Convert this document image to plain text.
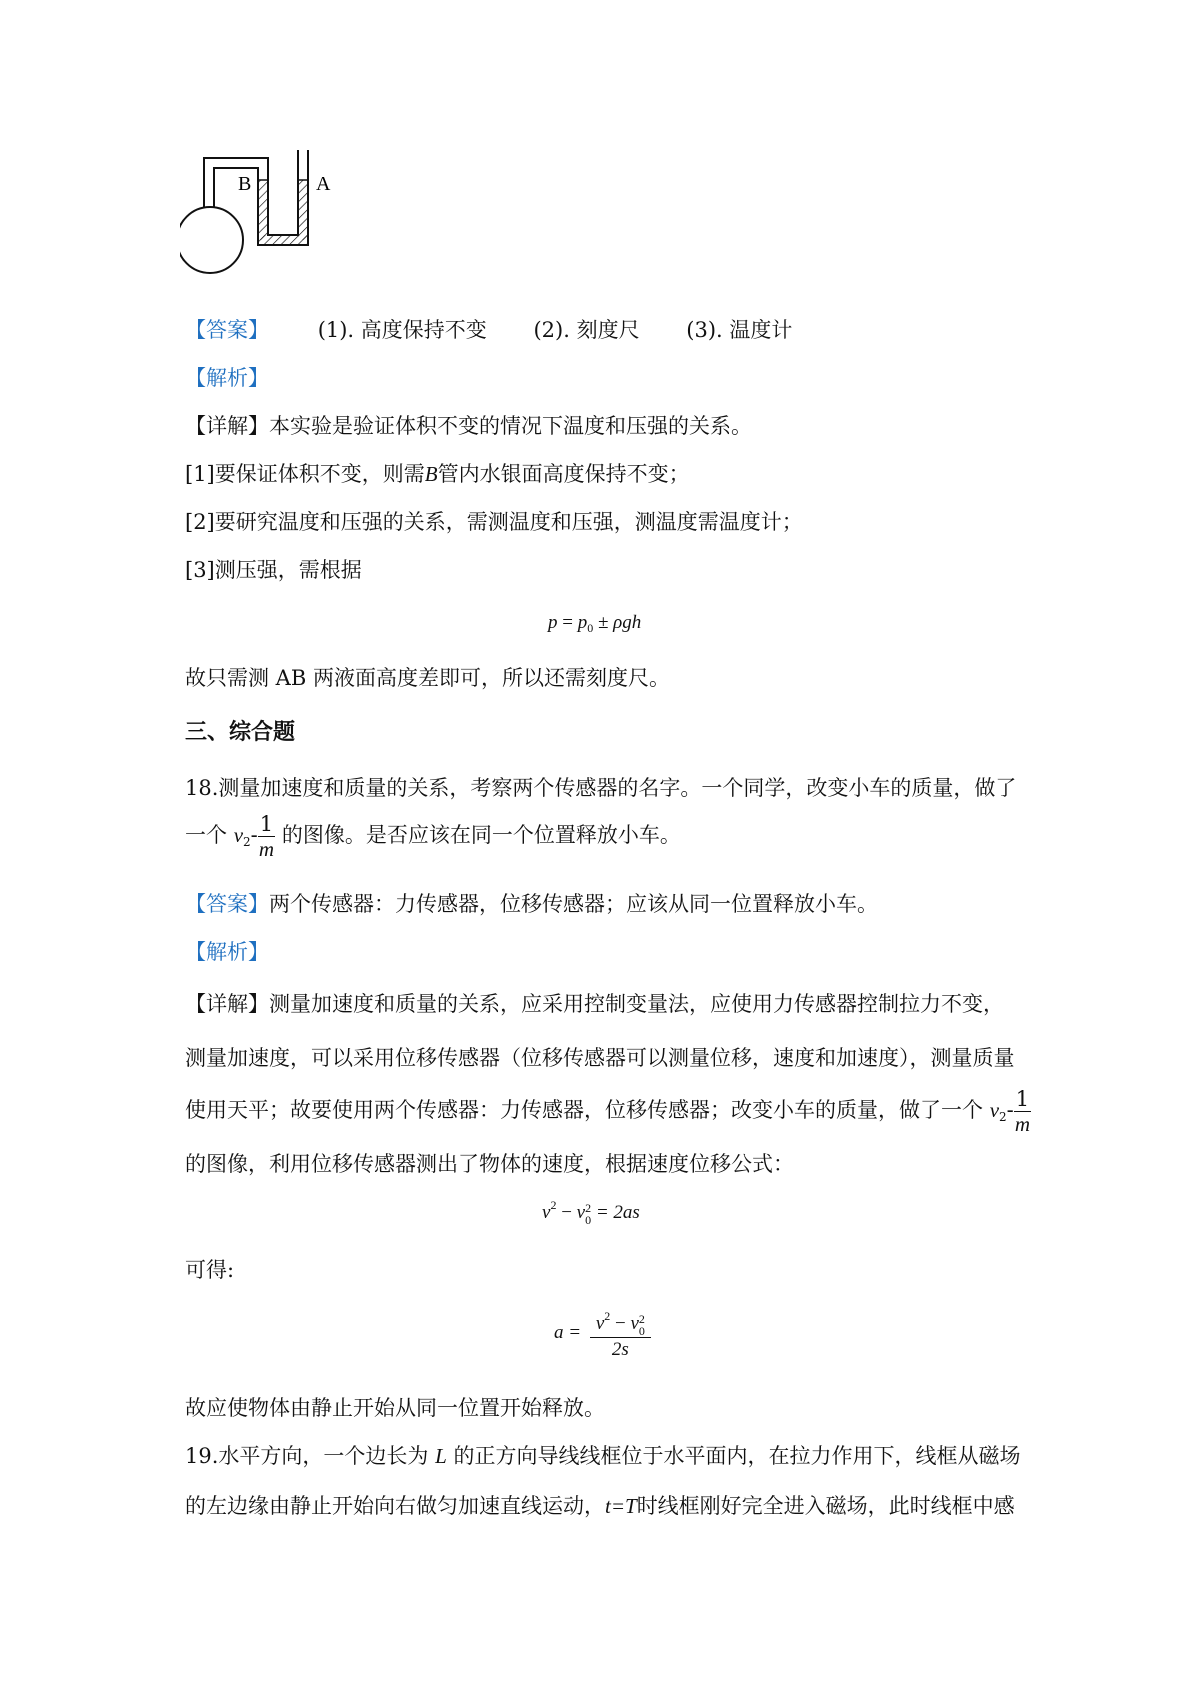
B	A
【答案】 (1). 高度保持不变 (2). 刻度尺 (3). 温度计
【解析】
【详解】本实验是验证体积不变的情况下温度和压强的关系。
[1]要保证体积不变，则需B管内水银面高度保持不变；
[2]要研究温度和压强的关系，需测温度和压强，测温度需温度计；
[3]测压强，需根据
$p = p_0 \pm \rho gh$
故只需测 AB 两液面高度差即可，所以还需刻度尺。
三、综合题
18.测量加速度和质量的关系，考察两个传感器的名字。一个同学，改变小车的质量，做了
一个 $v_2- \frac{1}{m}$ 的图像。是否应该在同一个位置释放小车。
【答案】两个传感器：力传感器，位移传感器；应该从同一位置释放小车。
【解析】
【详解】测量加速度和质量的关系，应采用控制变量法，应使用力传感器控制拉力不变，
测量加速度，可以采用位移传感器（位移传感器可以测量位移，速度和加速度），测量质量
使用天平；故要使用两个传感器：力传感器，位移传感器；改变小车的质量，做了一个 $v_2- \frac{1}{m}$
的图像，利用位移传感器测出了物体的速度，根据速度位移公式：
$v^2 - v$ 2
0 = 2as
可得:
$a = v^2 - v$ 2
0
2s
故应使物体由静止开始从同一位置开始释放。
19.水平方向，一个边长为 L 的正方向导线线框位于水平面内，在拉力作用下，线框从磁场
的左边缘由静止开始向右做匀加速直线运动，t=T时线框刚好完全进入磁场，此时线框中感
